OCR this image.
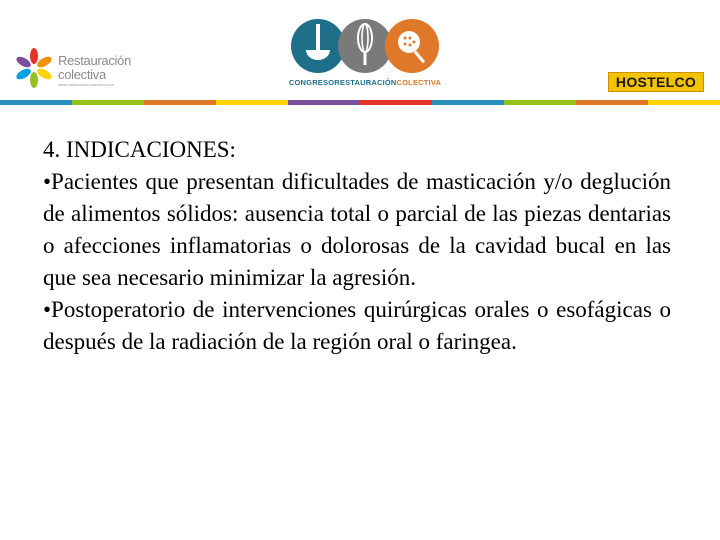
Restauración
colectiva
www.restauracioncolectiva.com	CONGRESORESTAURACIÓNCOLECTIVA	HOSTELCO

4. INDICACIONES:

•Pacientes que presentan dificultades de masticación y/o deglución de alimentos sólidos: ausencia total o parcial de las piezas dentarias o afecciones inflamatorias o dolorosas de la cavidad bucal en las que sea necesario minimizar la agresión.

•Postoperatorio de intervenciones quirúrgicas orales o esofágicas o después de la radiación de la región oral o faringea.
